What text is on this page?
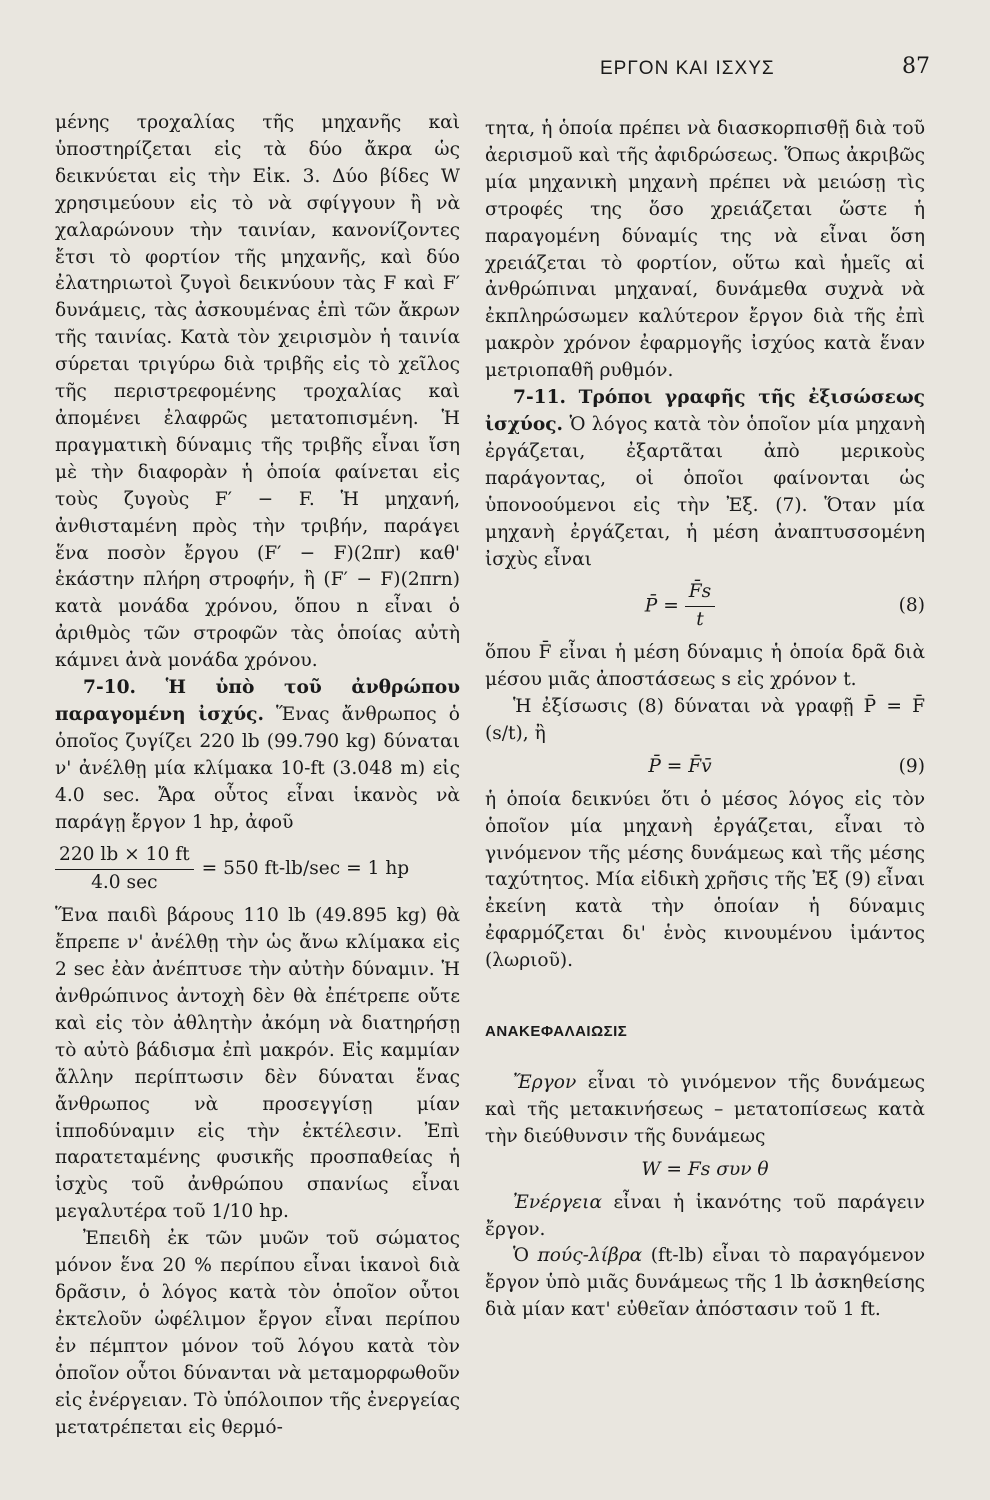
ΕΡΓΟΝ ΚΑΙ ΙΣΧΥΣ	87

μένης τροχαλίας τῆς μηχανῆς καὶ ὑποστηρίζεται εἰς τὰ δύο ἄκρα ὡς δεικνύεται εἰς τὴν Εἰκ. 3. Δύο βίδες W χρησιμεύουν εἰς τὸ νὰ σφίγγουν ἢ νὰ χαλαρώνουν τὴν ταινίαν, κανονίζοντες ἔτσι τὸ φορτίον τῆς μηχανῆς, καὶ δύο ἐλατηριωτοὶ ζυγοὶ δεικνύουν τὰς F καὶ F′ δυνάμεις, τὰς ἀσκουμένας ἐπὶ τῶν ἄκρων τῆς ταινίας. Κατὰ τὸν χειρισμὸν ἡ ταινία σύρεται τριγύρω διὰ τριβῆς εἰς τὸ χεῖλος τῆς περιστρεφομένης τροχαλίας καὶ ἀπομένει ἐλαφρῶς μετατοπισμένη. Ἡ πραγματικὴ δύναμις τῆς τριβῆς εἶναι ἴση μὲ τὴν διαφορὰν ἡ ὁποία φαίνεται εἰς τοὺς ζυγοὺς F′ − F. Ἡ μηχανή, ἀνθισταμένη πρὸς τὴν τριβήν, παράγει ἕνα ποσὸν ἔργου (F′ − F)(2πr) καθ' ἑκάστην πλήρη στροφήν, ἢ (F′ − F)(2πrn) κατὰ μονάδα χρόνου, ὅπου n εἶναι ὁ ἀριθμὸς τῶν στροφῶν τὰς ὁποίας αὐτὴ κάμνει ἀνὰ μονάδα χρόνου.

7-10. Ἡ ὑπὸ τοῦ ἀνθρώπου παραγομένη ἰσχύς. Ἕνας ἄνθρωπος ὁ ὁποῖος ζυγίζει 220 lb (99.790 kg) δύναται ν' ἀνέλθῃ μία κλίμακα 10-ft (3.048 m) εἰς 4.0 sec. Ἄρα οὗτος εἶναι ἱκανὸς νὰ παράγῃ ἔργον 1 hp, ἀφοῦ

$\frac{220 lb \times 10 ft}{4.0 \sec} = 550$ ft-lb/sec = 1 hp

Ἕνα παιδὶ βάρους 110 lb (49.895 kg) θὰ ἔπρεπε ν' ἀνέλθῃ τὴν ὡς ἄνω κλίμακα εἰς 2 sec ἐὰν ἀνέπτυσε τὴν αὐτὴν δύναμιν. Ἡ ἀνθρώπινος ἀντοχὴ δὲν θὰ ἐπέτρεπε οὔτε καὶ εἰς τὸν ἀθλητὴν ἀκόμη νὰ διατηρήσῃ τὸ αὐτὸ βάδισμα ἐπὶ μακρόν. Εἰς καμμίαν ἄλλην περίπτωσιν δὲν δύναται ἕνας ἄνθρωπος νὰ προσεγγίσῃ μίαν ἱπποδύναμιν εἰς τὴν ἐκτέλεσιν. Ἐπὶ παρατεταμένης φυσικῆς προσπαθείας ἡ ἰσχὺς τοῦ ἀνθρώπου σπανίως εἶναι μεγαλυτέρα τοῦ 1/10 hp.

Ἐπειδὴ ἐκ τῶν μυῶν τοῦ σώματος μόνον ἕνα 20 % περίπου εἶναι ἱκανοὶ διὰ δρᾶσιν, ὁ λόγος κατὰ τὸν ὁποῖον οὗτοι ἐκτελοῦν ὠφέλιμον ἔργον εἶναι περίπου ἐν πέμπτον μόνον τοῦ λόγου κατὰ τὸν ὁποῖον οὗτοι δύνανται νὰ μεταμορφωθοῦν εἰς ἐνέργειαν. Τὸ ὑπόλοιπον τῆς ἐνεργείας μετατρέπεται εἰς θερμό-

τητα, ἡ ὁποία πρέπει νὰ διασκορπισθῇ διὰ τοῦ ἀερισμοῦ καὶ τῆς ἀφιδρώσεως. Ὅπως ἀκριβῶς μία μηχανικὴ μηχανὴ πρέπει νὰ μειώσῃ τὶς στροφές της ὅσο χρειάζεται ὥστε ἡ παραγομένη δύναμίς της νὰ εἶναι ὅση χρειάζεται τὸ φορτίον, οὕτω καὶ ἡμεῖς αἱ ἀνθρώπιναι μηχαναί, δυνάμεθα συχνὰ νὰ ἐκπληρώσωμεν καλύτερον ἔργον διὰ τῆς ἐπὶ μακρὸν χρόνον ἐφαρμογῆς ἰσχύος κατὰ ἕναν μετριοπαθῆ ρυθμόν.

7-11. Τρόποι γραφῆς τῆς ἐξισώσεως ἰσχύος. Ὁ λόγος κατὰ τὸν ὁποῖον μία μηχανὴ ἐργάζεται, ἐξαρτᾶται ἀπὸ μερικοὺς παράγοντας, οἱ ὁποῖοι φαίνονται ὡς ὑπονοούμενοι εἰς τὴν Ἐξ. (7). Ὅταν μία μηχανὴ ἐργάζεται, ἡ μέση ἀναπτυσσομένη ἰσχὺς εἶναι

P̄ = $\frac{F̄s}{t}$	(8)

ὅπου F̄ εἶναι ἡ μέση δύναμις ἡ ὁποία δρᾶ διὰ μέσου μιᾶς ἀποστάσεως s εἰς χρόνον t.

Ἡ ἐξίσωσις (8) δύναται νὰ γραφῇ P̄ = F̄ (s/t), ἢ

P̄ = F̄v̄	(9)

ἡ ὁποία δεικνύει ὅτι ὁ μέσος λόγος εἰς τὸν ὁποῖον μία μηχανὴ ἐργάζεται, εἶναι τὸ γινόμενον τῆς μέσης δυνάμεως καὶ τῆς μέσης ταχύτητος. Μία εἰδικὴ χρῆσις τῆς Ἐξ (9) εἶναι ἐκείνη κατὰ τὴν ὁποίαν ἡ δύναμις ἐφαρμόζεται δι' ἑνὸς κινουμένου ἱμάντος (λωριοῦ).

ΑΝΑΚΕΦΑΛΑΙΩΣΙΣ

Ἔργον εἶναι τὸ γινόμενον τῆς δυνάμεως καὶ τῆς μετακινήσεως – μετατοπίσεως κατὰ τὴν διεύθυνσιν τῆς δυνάμεως

W = Fs συν θ

Ἐνέργεια εἶναι ἡ ἱκανότης τοῦ παράγειν ἔργον.

Ὁ πούς-λίβρα (ft-lb) εἶναι τὸ παραγόμενον ἔργον ὑπὸ μιᾶς δυνάμεως τῆς 1 lb ἀσκηθείσης διὰ μίαν κατ' εὐθεῖαν ἀπόστασιν τοῦ 1 ft.
